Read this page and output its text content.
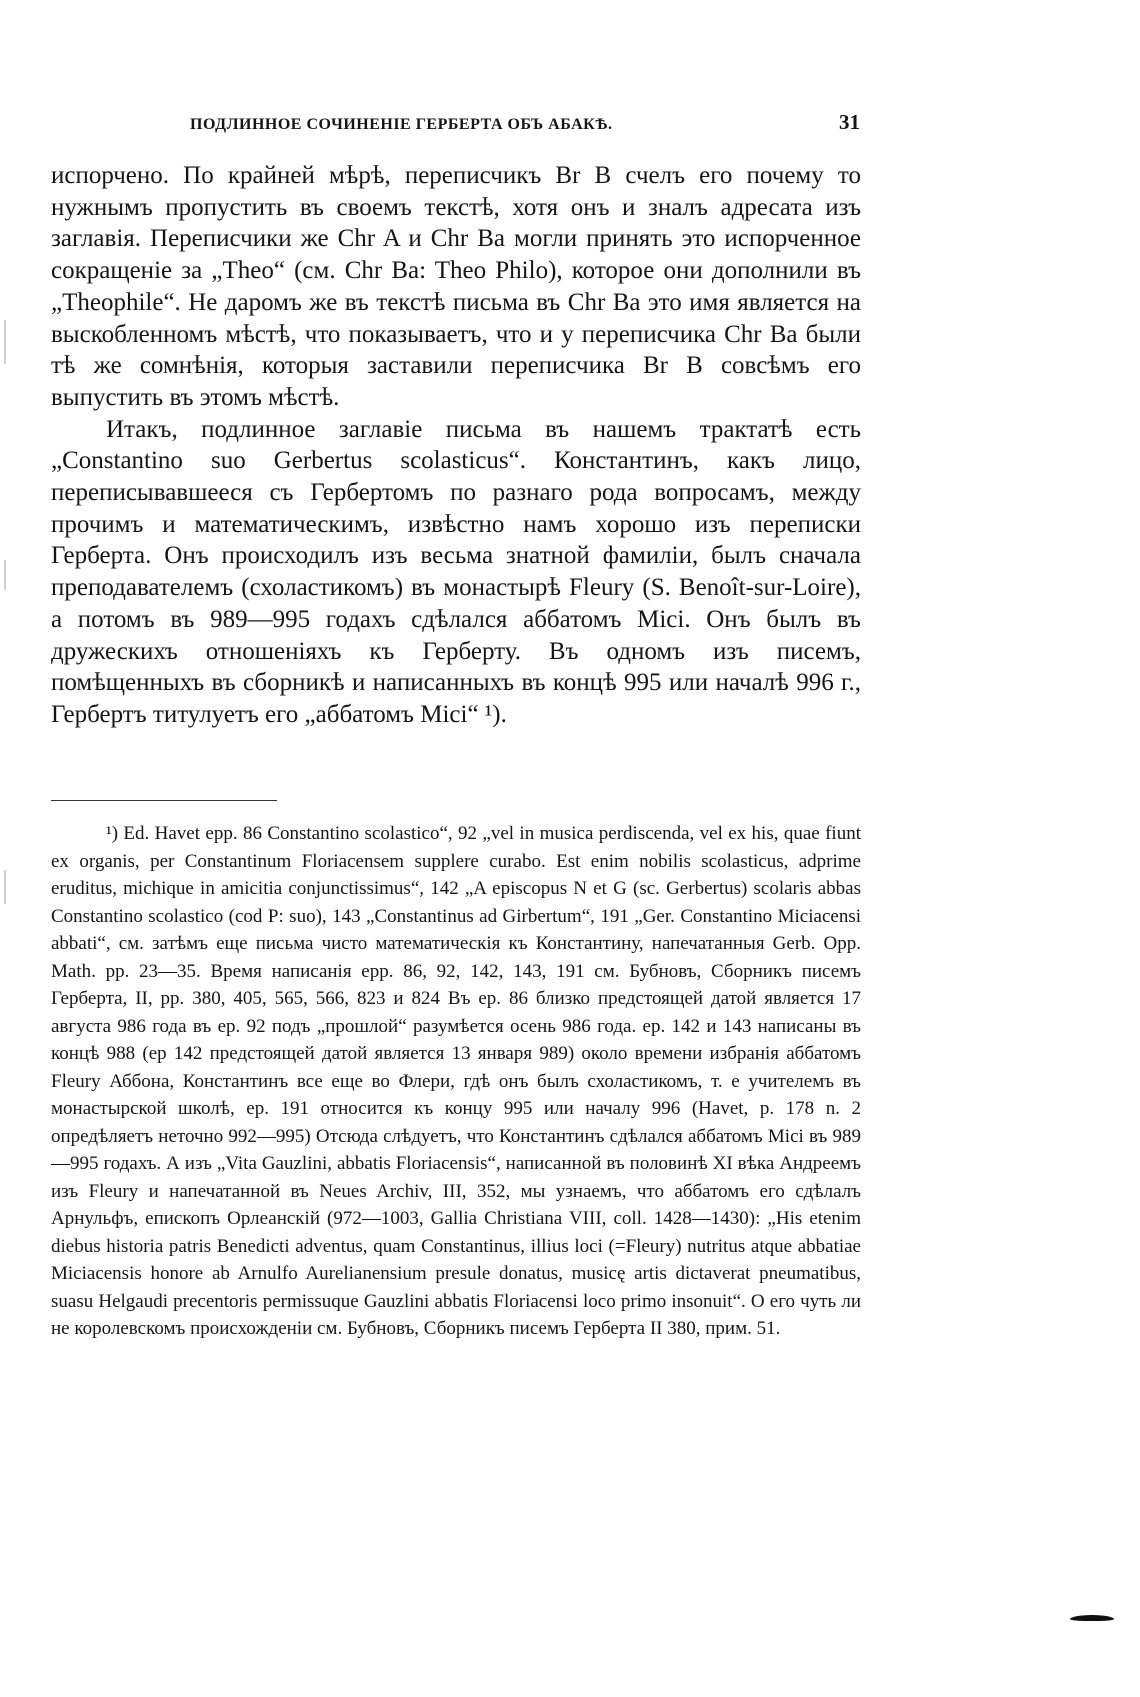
ПОДЛИННОЕ СОЧИНЕНІЕ ГЕРБЕРТА ОБЪ АБАКѢ.	31

испорчено. По крайней мѣрѣ, переписчикъ Br B счелъ его почему то нужнымъ пропустить въ своемъ текстѣ, хотя онъ и зналъ адресата изъ заглавія. Переписчики же Chr A и Chr Ba могли принять это испорченное сокращеніе за „Theo“ (см. Chr Ba: Theo Philo), которое они дополнили въ „Theophile“. Не даромъ же въ текстѣ письма въ Chr Ba это имя является на выскобленномъ мѣстѣ, что показываетъ, что и у переписчика Chr Ba были тѣ же сомнѣнія, которыя заставили переписчика Br B совсѣмъ его выпустить въ этомъ мѣстѣ.

Итакъ, подлинное заглавіе письма въ нашемъ трактатѣ есть „Constantino suo Gerbertus scolasticus“. Константинъ, какъ лицо, переписывавшееся съ Гербертомъ по разнаго рода вопросамъ, между прочимъ и математическимъ, извѣстно намъ хорошо изъ переписки Герберта. Онъ происходилъ изъ весьма знатной фамиліи, былъ сначала преподавателемъ (схоластикомъ) въ монастырѣ Fleury (S. Benoît-sur-Loire), а потомъ въ 989—995 годахъ сдѣлался аббатомъ Mici. Онъ былъ въ дружескихъ отношеніяхъ къ Герберту. Въ одномъ изъ писемъ, помѣщенныхъ въ сборникѣ и написанныхъ въ концѣ 995 или началѣ 996 г., Гербертъ титулуетъ его „аббатомъ Mici“ ¹).

¹) Ed. Havet epp. 86 Constantino scolastico“, 92 „vel in musica perdiscenda, vel ex his, quae fiunt ex organis, per Constantinum Floriacensem supplere curabo. Est enim nobilis scolasticus, adprime eruditus, michique in amicitia conjunctissimus“, 142 „A episcopus N et G (sc. Gerbertus) scolaris abbas Constantino scolastico (cod P: suo), 143 „Constantinus ad Girbertum“, 191 „Ger. Constantino Miciacensi abbati“, см. затѣмъ еще письма чисто математическія къ Константину, напечатанныя Gerb. Opp. Math. pp. 23—35. Время написанія epp. 86, 92, 142, 143, 191 см. Бубновъ, Сборникъ писемъ Герберта, II, pp. 380, 405, 565, 566, 823 и 824 Въ ep. 86 близко предстоящей датой является 17 августа 986 года въ ep. 92 подъ „прошлой“ разумѣется осень 986 года. ep. 142 и 143 написаны въ концѣ 988 (ep 142 предстоящей датой является 13 января 989) около времени избранія аббатомъ Fleury Аббона, Константинъ все еще во Флери, гдѣ онъ былъ схоластикомъ, т. е учителемъ въ монастырской школѣ, ep. 191 относится къ концу 995 или началу 996 (Havet, p. 178 n. 2 опредѣляетъ неточно 992—995) Отсюда слѣдуетъ, что Константинъ сдѣлался аббатомъ Mici въ 989—995 годахъ. А изъ „Vita Gauzlini, abbatis Floriacensis“, написанной въ половинѣ XI вѣка Андреемъ изъ Fleury и напечатанной въ Neues Archiv, III, 352, мы узнаемъ, что аббатомъ его сдѣлалъ Арнульфъ, епископъ Орлеанскій (972—1003, Gallia Christiana VIII, coll. 1428—1430): „His etenim diebus historia patris Benedicti adventus, quam Constantinus, illius loci (=Fleury) nutritus atque abbatiae Miciacensis honore ab Arnulfo Aurelianensium presule donatus, musicę artis dictaverat pneumatibus, suasu Helgaudi precentoris permissuque Gauzlini abbatis Floriacensi loco primo insonuit“. О его чуть ли не королевскомъ происхожденіи см. Бубновъ, Сборникъ писемъ Герберта II 380, прим. 51.
